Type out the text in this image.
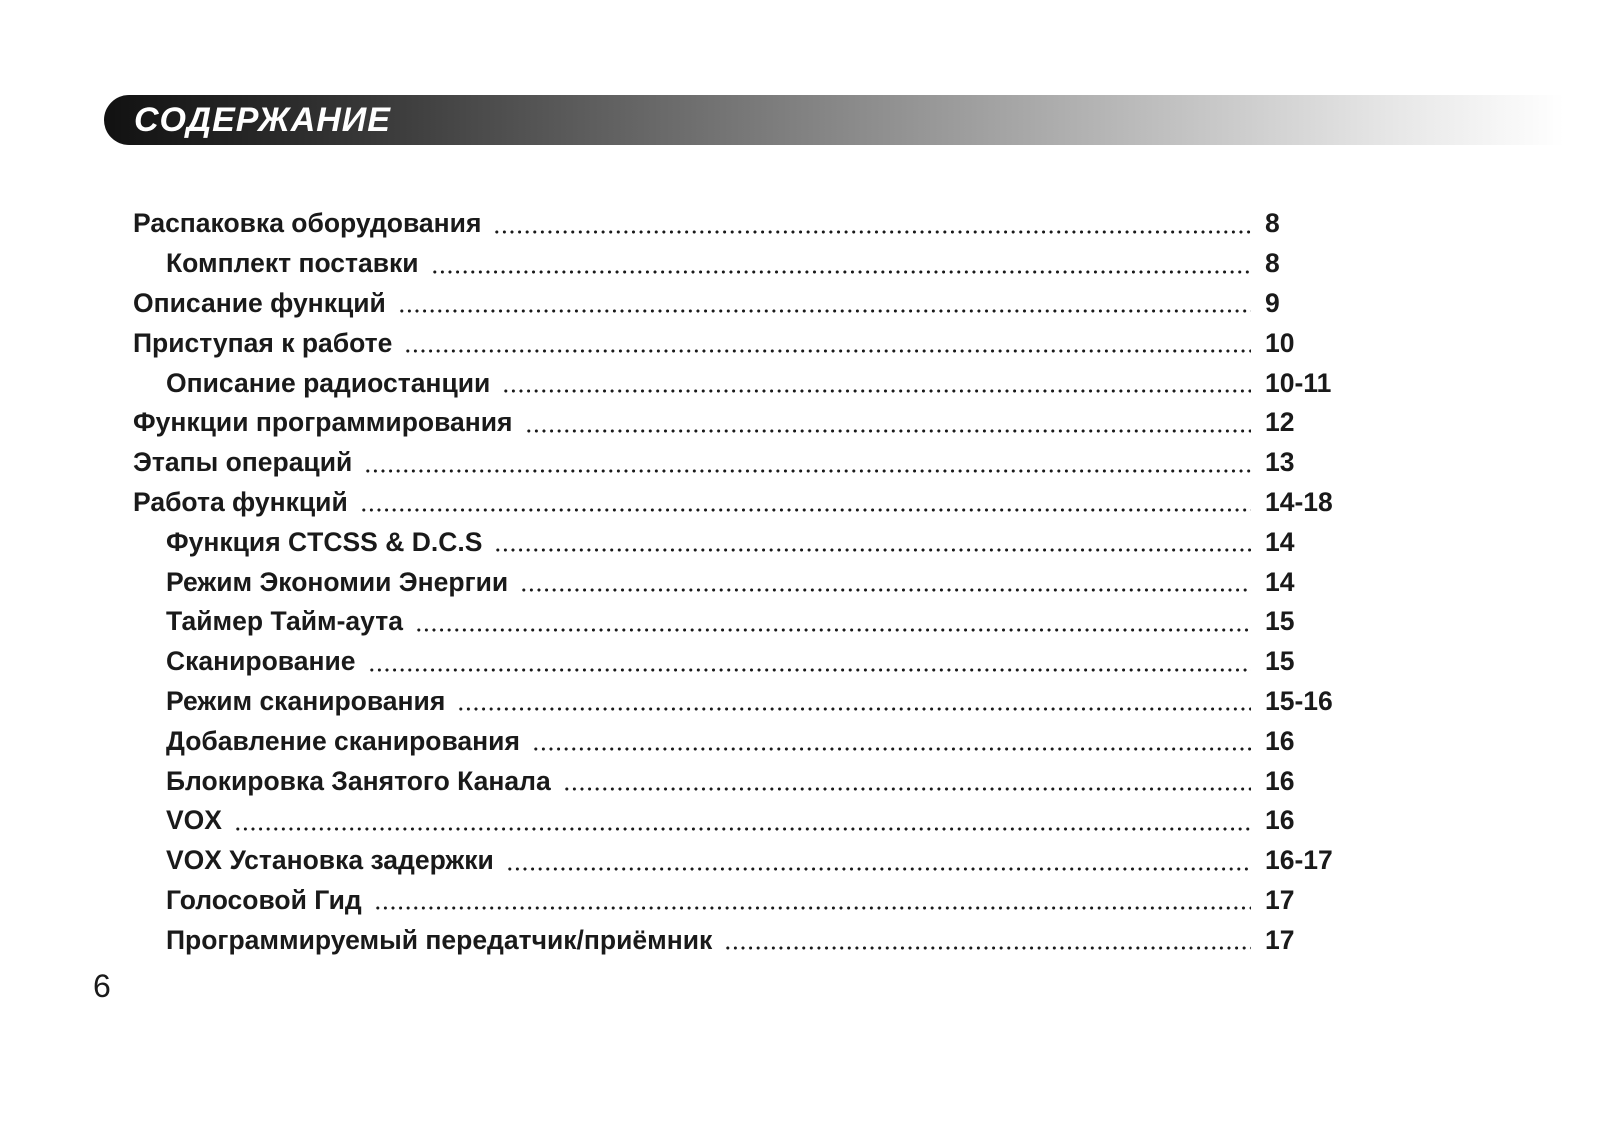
СОДЕРЖАНИЕ
Распаковка оборудования	8
Комплект поставки	8
Описание функций	9
Приступая к работе	10
Описание радиостанции	10-11
Функции программирования	12
Этапы операций	13
Работа функций	14-18
Функция CTCSS & D.C.S	14
Режим Экономии Энергии	14
Таймер Тайм-аута	15
Сканирование	15
Режим сканирования	15-16
Добавление сканирования	16
Блокировка Занятого Канала	16
VOX	16
VOX Установка задержки	16-17
Голосовой Гид	17
Программируемый передатчик/приёмник	17
6
